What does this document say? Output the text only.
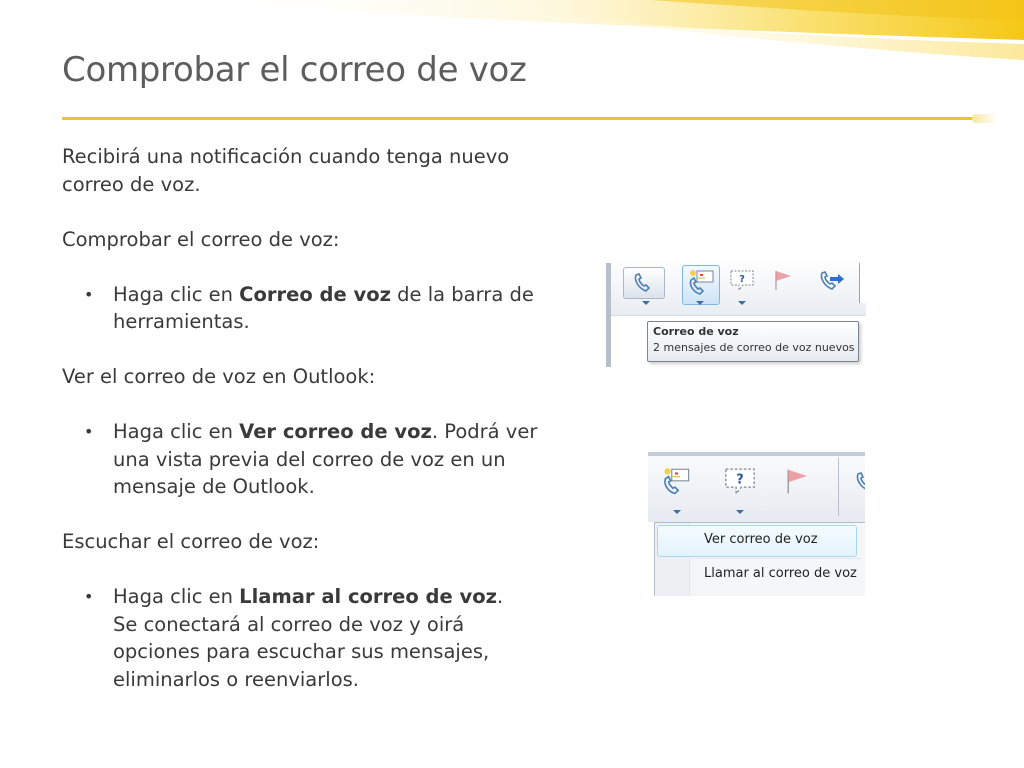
Comprobar el correo de voz

Recibirá una notificación cuando tenga nuevo
correo de voz.

Comprobar el correo de voz:

• Haga clic en Correo de voz de la barra de
herramientas.

Ver el correo de voz en Outlook:

• Haga clic en Ver correo de voz. Podrá ver
una vista previa del correo de voz en un
mensaje de Outlook.

Escuchar el correo de voz:

• Haga clic en Llamar al correo de voz.
Se conectará al correo de voz y oirá
opciones para escuchar sus mensajes,
eliminarlos o reenviarlos.

?
Correo de voz
2 mensajes de correo de voz nuevos
?
Ver correo de voz
Llamar al correo de voz
